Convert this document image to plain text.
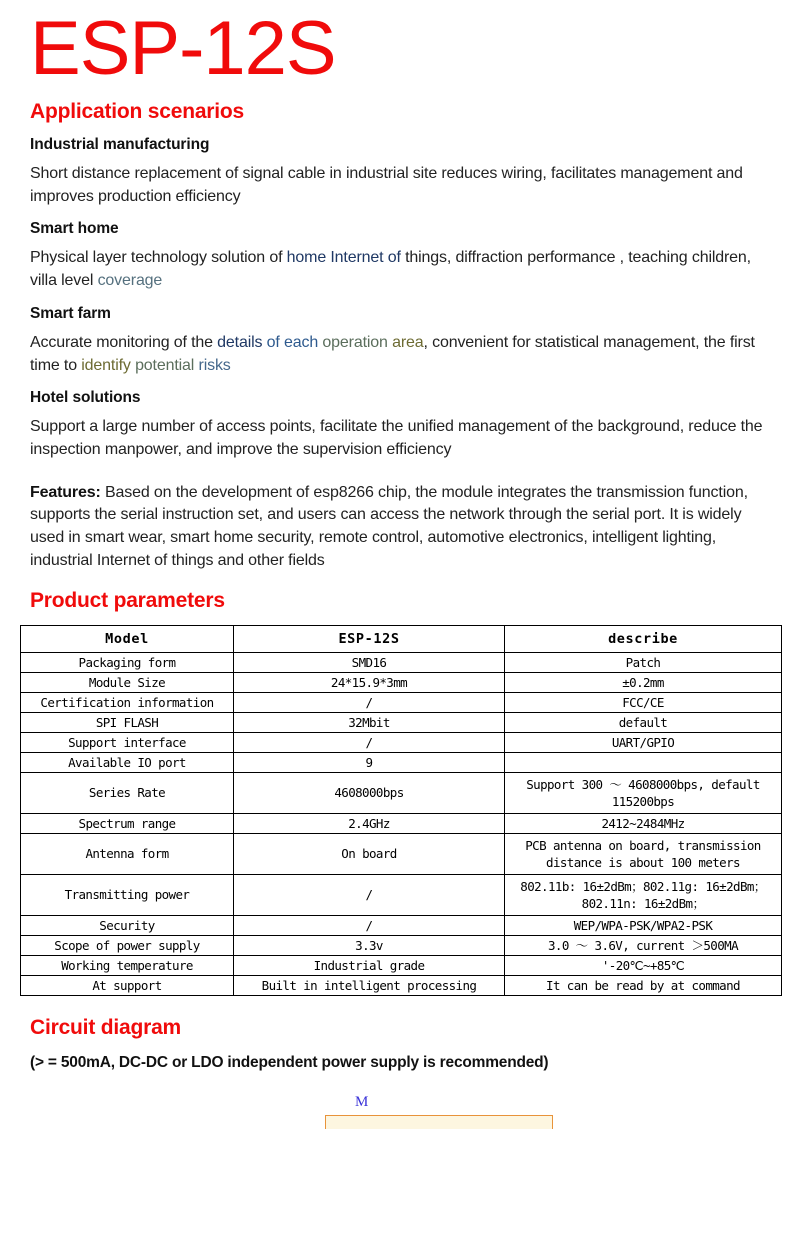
ESP-12S
Application scenarios
Industrial manufacturing

Short distance replacement of signal cable in industrial site reduces wiring, facilitates management and improves production efficiency

Smart home

Physical layer technology solution of home Internet of things, diffraction performance , teaching children, villa level coverage

Smart farm

Accurate monitoring of the details of each operation area, convenient for statistical management, the first time to identify potential risks

Hotel solutions

Support a large number of access points, facilitate the unified management of the background, reduce the inspection manpower, and improve the supervision efficiency

Features: Based on the development of esp8266 chip, the module integrates the transmission function, supports the serial instruction set, and users can access the network through the serial port. It is widely used in smart wear, smart home security, remote control, automotive electronics, intelligent lighting, industrial Internet of things and other fields

Product parameters
Model	ESP-12S	describe
Packaging form	SMD16	Patch
Module Size	24*15.9*3mm	±0.2mm
Certification information	/	FCC/CE
SPI FLASH	32Mbit	default
Support interface	/	UART/GPIO
Available IO port	9	
Series Rate	4608000bps	Support 300 ～ 4608000bps, default 115200bps
Spectrum range	2.4GHz	2412~2484MHz
Antenna form	On board	PCB antenna on board, transmission distance is about 100 meters
Transmitting power	/	802.11b: 16±2dBm；802.11g: 16±2dBm；802.11n: 16±2dBm；
Security	/	WEP/WPA-PSK/WPA2-PSK
Scope of power supply	3.3v	3.0 ～ 3.6V, current ＞500MA
Working temperature	Industrial grade	'-20℃~+85℃
At support	Built in intelligent processing	It can be read by at command
Circuit diagram

(> = 500mA, DC-DC or LDO independent power supply is recommended)

M
